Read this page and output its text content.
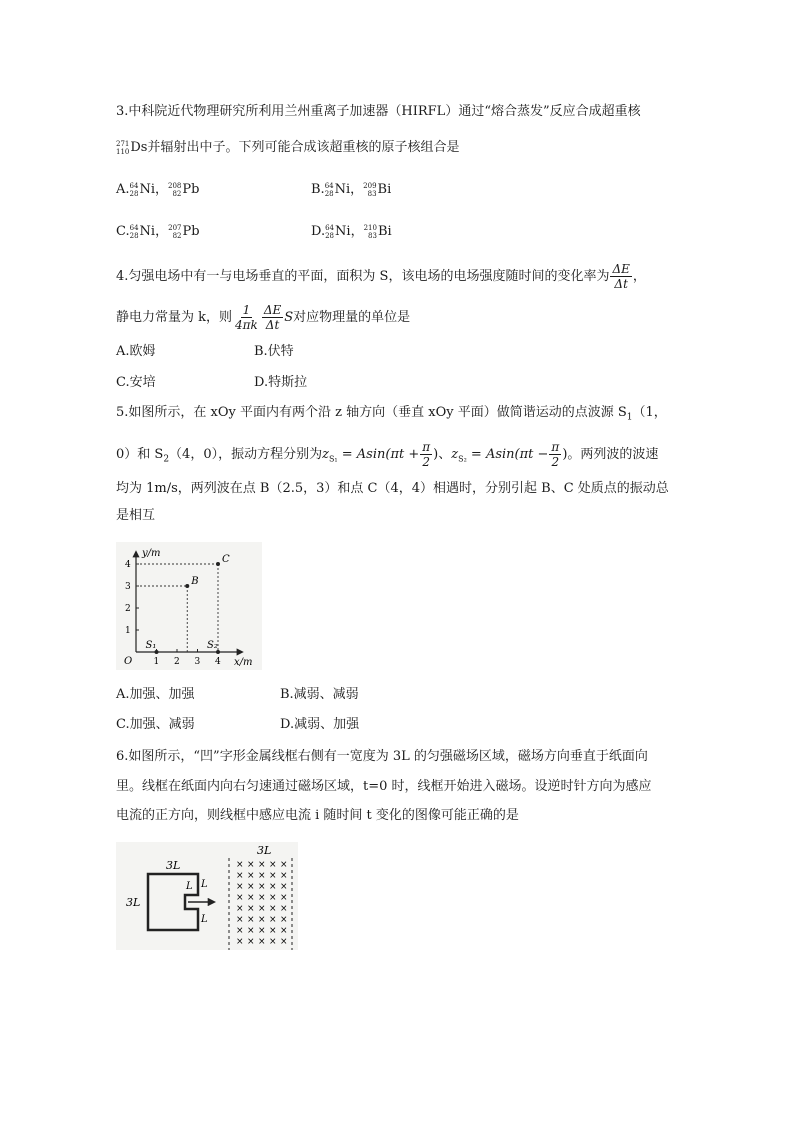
3.中科院近代物理研究所利用兰州重离子加速器（HIRFL）通过“熔合蒸发”反应合成超重核
271
110 Ds并辐射出中子。下列可能合成该超重核的原子核组合是
A. 64
28 Ni， 208
82 Pb	B. 64
28 Ni， 209
83 Bi
C. 64
28 Ni， 207
82 Pb	D. 64
28 Ni， 210
83 Bi
4.匀强电场中有一与电场垂直的平面，面积为 S，该电场的电场强度随时间的变化率为 $\frac{\Delta E}{\Delta t}$ ，
静电力常量为 k，则 $\frac{1}{4\pi k} \frac{\Delta E}{\Delta t}$ S对应物理量的单位是
A.欧姆	B.伏特
C.安培	D.特斯拉
5.如图所示，在 xOy 平面内有两个沿 z 轴方向（垂直 xOy 平面）做简谐运动的点波源 $S_1(1$，
0）和 $S_2(4$，0），振动方程分别为$z_{S_1} = Asin(\pi t + \frac{\pi}{2}$ )、$z_{S_2} = Asin(\pi t - \frac{\pi}{2}$ )。两列波的波速
均为 1m/s，两列波在点 B（2.5，3）和点 C（4，4）相遇时，分别引起 B、C 处质点的振动总
是相互
y/m
x/m
O 1 2 3 4
1
2
3
4
S₁	S₂
B
C
A.加强、加强	B.减弱、减弱
C.加强、减弱	D.减弱、加强
6.如图所示，“凹”字形金属线框右侧有一宽度为 3L 的匀强磁场区域，磁场方向垂直于纸面向
里。线框在纸面内向右匀速通过磁场区域，t=0 时，线框开始进入磁场。设逆时针方向为感应
电流的正方向，则线框中感应电流 i 随时间 t 变化的图像可能正确的是
3L
× × × × ×
× × × × ×
× × × × ×
× × × × ×
× × × × ×
× × × × ×
× × × × ×
× × × × ×
3L
3L
L L
L
